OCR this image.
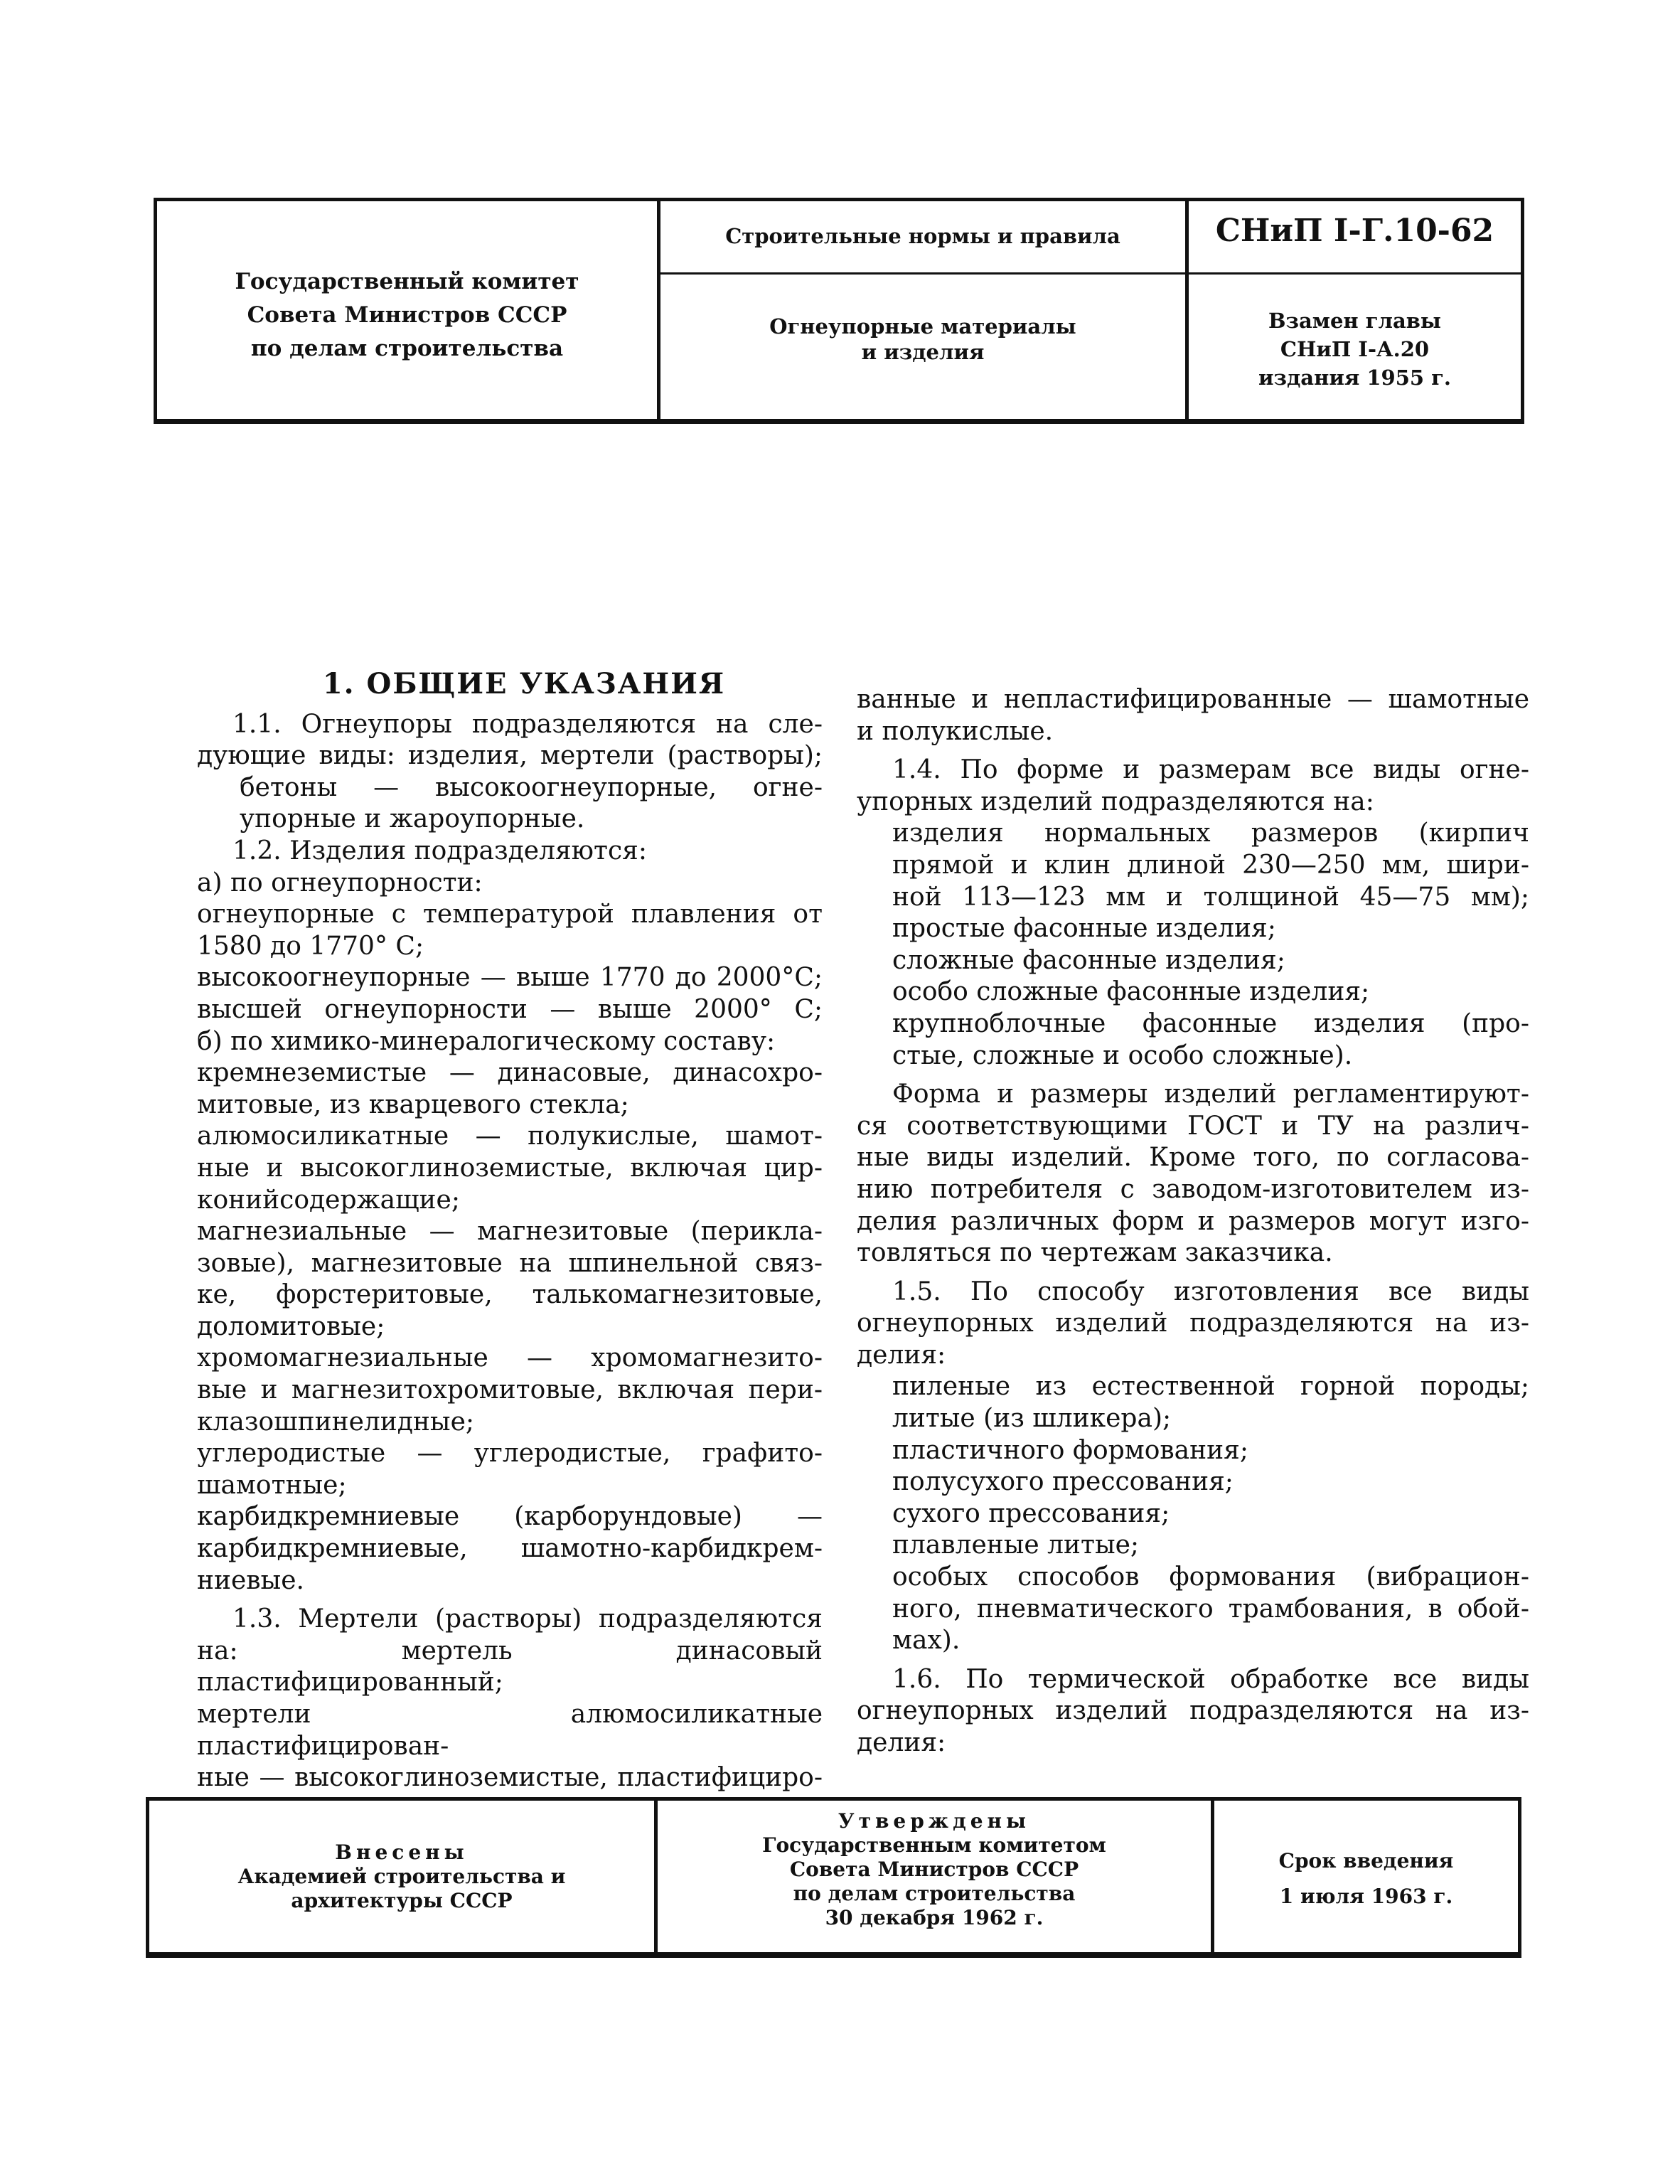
Государственный комитет
Совета Министров СССР
по делам строительства
Строительные нормы и правила
Огнеупорные материалы
и изделия
СНиП I-Г.10-62
Взамен главы
СНиП I-А.20
издания 1955 г.

1. ОБЩИЕ УКАЗАНИЯ

1.1. Огнеупоры подразделяются на сле-

дующие виды: изделия, мертели (растворы);

бетоны — высокоогнеупорные, огне-

упорные и жароупорные.

1.2. Изделия подразделяются:

а) по огнеупорности:

огнеупорные с температурой плавления от

1580 до 1770° С;

высокоогнеупорные — выше 1770 до 2000°С;

высшей огнеупорности — выше 2000° С;

б) по химико-минералогическому составу:

кремнеземистые — динасовые, динасохро-

митовые, из кварцевого стекла;

алюмосиликатные — полукислые, шамот-

ные и высокоглиноземистые, включая цир-

конийсодержащие;

магнезиальные — магнезитовые (перикла-

зовые), магнезитовые на шпинельной связ-

ке, форстеритовые, талькомагнезитовые,

доломитовые;

хромомагнезиальные — хромомагнезито-

вые и магнезитохромитовые, включая пери-

клазошпинелидные;

углеродистые — углеродистые, графито-

шамотные;

карбидкремниевые (карборундовые) —

карбидкремниевые, шамотно-карбидкрем-

ниевые.

1.3. Мертели (растворы) подразделяются

на: мертель динасовый пластифицированный;

мертели алюмосиликатные пластифицирован-

ные — высокоглиноземистые, пластифициро-

ванные и непластифицированные — шамотные

и полукислые.

1.4. По форме и размерам все виды огне-

упорных изделий подразделяются на:

изделия нормальных размеров (кирпич

прямой и клин длиной 230—250 мм, шири-

ной 113—123 мм и толщиной 45—75 мм);

простые фасонные изделия;

сложные фасонные изделия;

особо сложные фасонные изделия;

крупноблочные фасонные изделия (про-

стые, сложные и особо сложные).

Форма и размеры изделий регламентируют-

ся соответствующими ГОСТ и ТУ на различ-

ные виды изделий. Кроме того, по согласова-

нию потребителя с заводом-изготовителем из-

делия различных форм и размеров могут изго-

товляться по чертежам заказчика.

1.5. По способу изготовления все виды

огнеупорных изделий подразделяются на из-

делия:

пиленые из естественной горной породы;

литые (из шликера);

пластичного формования;

полусухого прессования;

сухого прессования;

плавленые литые;

особых способов формования (вибрацион-

ного, пневматического трамбования, в обой-

мах).

1.6. По термической обработке все виды

огнеупорных изделий подразделяются на из-

делия:

Внесены
Академией строительства и
архитектуры СССР
Утверждены
Государственным комитетом
Совета Министров СССР
по делам строительства
30 декабря 1962 г.
Срок введения
1 июля 1963 г.
